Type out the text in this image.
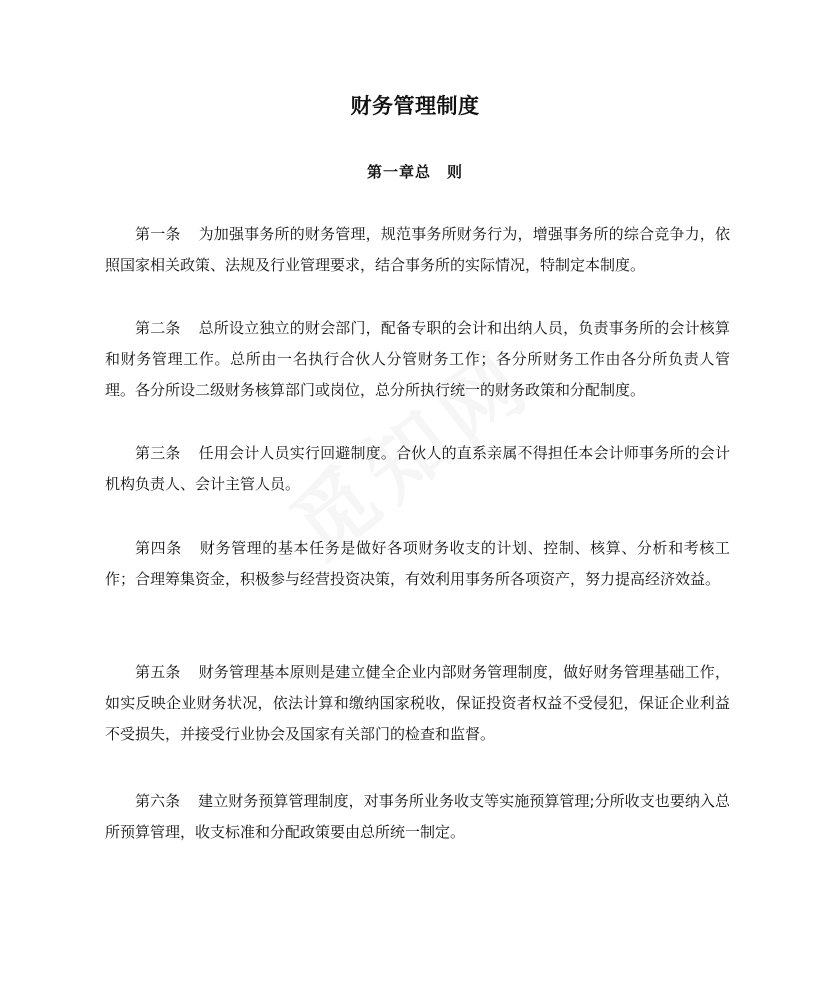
财务管理制度
第一章总　则

第一条 为加强事务所的财务管理，规范事务所财务行为，增强事务所的综合竞争力，依照国家相关政策、法规及行业管理要求，结合事务所的实际情况，特制定本制度。

第二条 总所设立独立的财会部门，配备专职的会计和出纳人员，负责事务所的会计核算和财务管理工作。总所由一名执行合伙人分管财务工作；各分所财务工作由各分所负责人管理。各分所设二级财务核算部门或岗位，总分所执行统一的财务政策和分配制度。

第三条 任用会计人员实行回避制度。合伙人的直系亲属不得担任本会计师事务所的会计机构负责人、会计主管人员。

第四条 财务管理的基本任务是做好各项财务收支的计划、控制、核算、分析和考核工作；合理筹集资金，积极参与经营投资决策，有效利用事务所各项资产，努力提高经济效益。

第五条 财务管理基本原则是建立健全企业内部财务管理制度，做好财务管理基础工作，如实反映企业财务状况，依法计算和缴纳国家税收，保证投资者权益不受侵犯，保证企业利益不受损失，并接受行业协会及国家有关部门的检查和监督。

第六条 建立财务预算管理制度，对事务所业务收支等实施预算管理;分所收支也要纳入总所预算管理，收支标准和分配政策要由总所统一制定。
